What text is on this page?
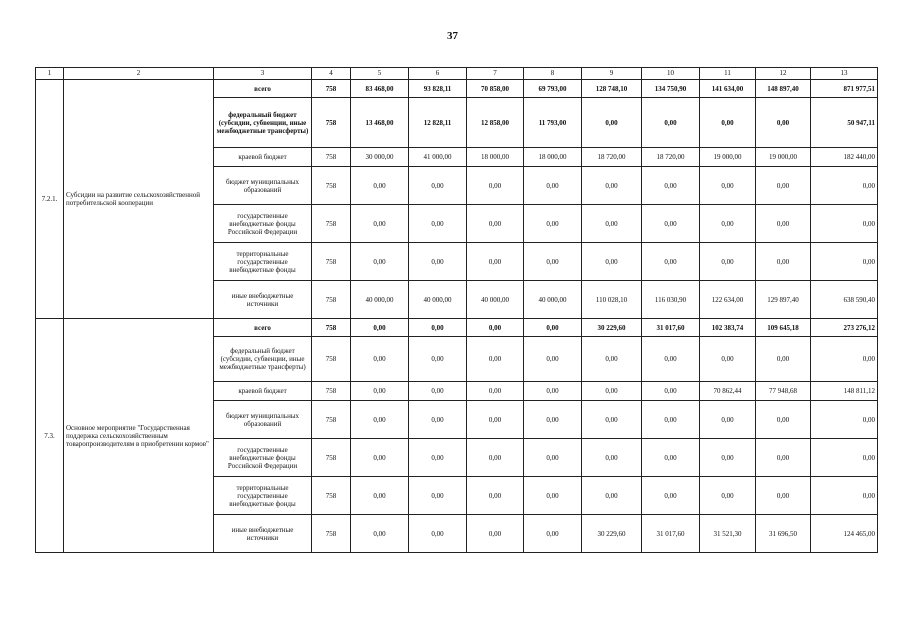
37
1	2	3	4	5	6	7	8	9	10	11	12	13
7.2.1.	Субсидии на развитие сельскохозяйственной потребительской кооперации	всего	758	83 468,00	93 828,11	70 858,00	69 793,00	128 748,10	134 750,90	141 634,00	148 897,40	871 977,51
		федеральный бюджет (субсидии, субвенции, иные межбюджетные трансферты)	758	13 468,00	12 828,11	12 858,00	11 793,00	0,00	0,00	0,00	0,00	50 947,11
		краевой бюджет	758	30 000,00	41 000,00	18 000,00	18 000,00	18 720,00	18 720,00	19 000,00	19 000,00	182 440,00
		бюджет муниципальных образований	758	0,00	0,00	0,00	0,00	0,00	0,00	0,00	0,00	0,00
		государственные внебюджетные фонды Российской Федерации	758	0,00	0,00	0,00	0,00	0,00	0,00	0,00	0,00	0,00
		территориальные государственные внебюджетные фонды	758	0,00	0,00	0,00	0,00	0,00	0,00	0,00	0,00	0,00
		иные внебюджетные источники	758	40 000,00	40 000,00	40 000,00	40 000,00	110 028,10	116 030,90	122 634,00	129 897,40	638 590,40
7.3.	Основное мероприятие "Государственная поддержка сельскохозяйственным товаропроизводителям в приобретении кормов"	всего	758	0,00	0,00	0,00	0,00	30 229,60	31 017,60	102 383,74	109 645,18	273 276,12
		федеральный бюджет (субсидии, субвенции, иные межбюджетные трансферты)	758	0,00	0,00	0,00	0,00	0,00	0,00	0,00	0,00	0,00
		краевой бюджет	758	0,00	0,00	0,00	0,00	0,00	0,00	70 862,44	77 948,68	148 811,12
		бюджет муниципальных образований	758	0,00	0,00	0,00	0,00	0,00	0,00	0,00	0,00	0,00
		государственные внебюджетные фонды Российской Федерации	758	0,00	0,00	0,00	0,00	0,00	0,00	0,00	0,00	0,00
		территориальные государственные внебюджетные фонды	758	0,00	0,00	0,00	0,00	0,00	0,00	0,00	0,00	0,00
		иные внебюджетные источники	758	0,00	0,00	0,00	0,00	30 229,60	31 017,60	31 521,30	31 696,50	124 465,00
